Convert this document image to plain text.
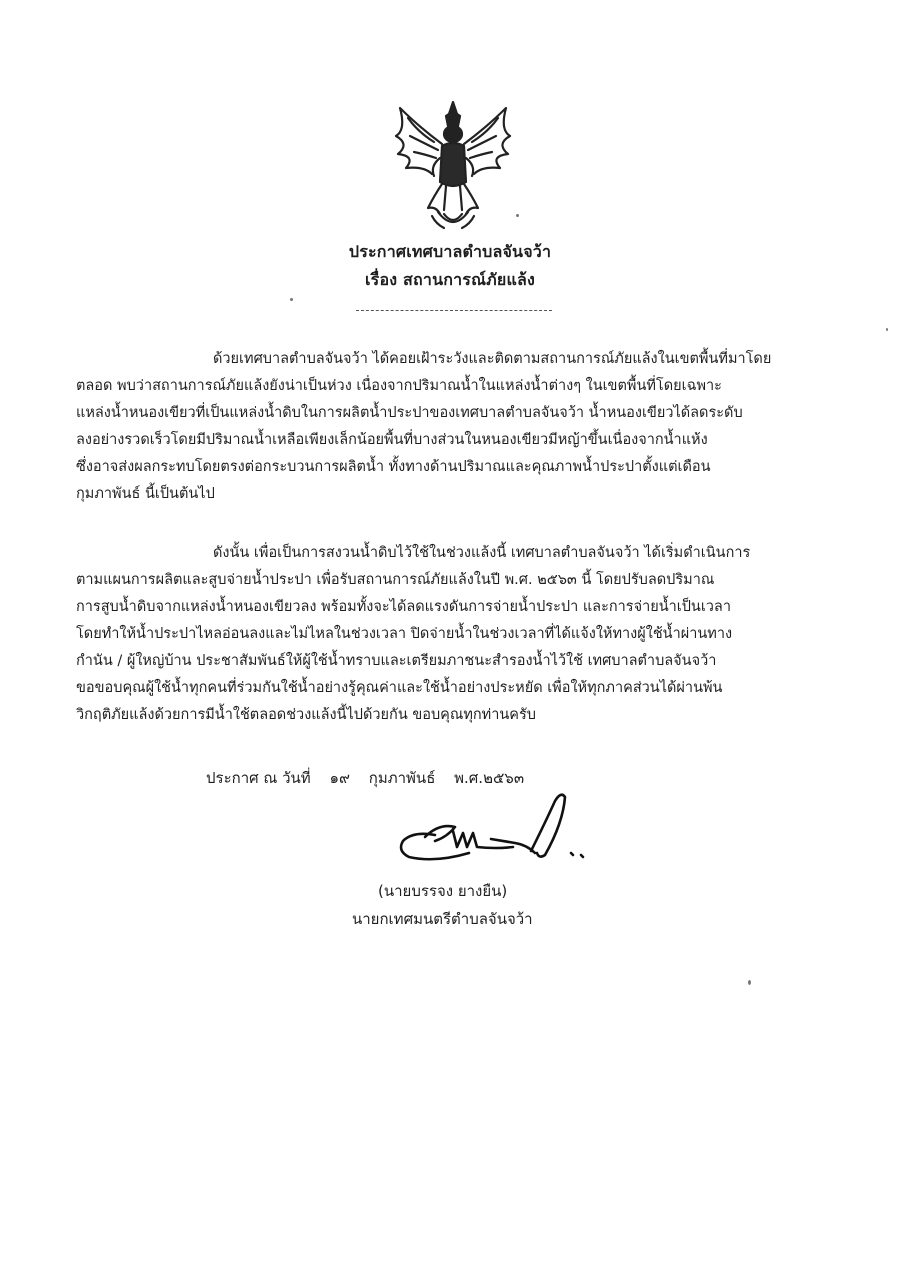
ประกาศเทศบาลตำบลจันจว้า
เรื่อง สถานการณ์ภัยแล้ง
ด้วยเทศบาลตำบลจันจว้า ได้คอยเฝ้าระวังและติดตามสถานการณ์ภัยแล้งในเขตพื้นที่มาโดย
ตลอด พบว่าสถานการณ์ภัยแล้งยังน่าเป็นห่วง เนื่องจากปริมาณน้ำในแหล่งน้ำต่างๆ ในเขตพื้นที่โดยเฉพาะ
แหล่งน้ำหนองเขียวที่เป็นแหล่งน้ำดิบในการผลิตน้ำประปาของเทศบาลตำบลจันจว้า น้ำหนองเขียวได้ลดระดับ
ลงอย่างรวดเร็วโดยมีปริมาณน้ำเหลือเพียงเล็กน้อยพื้นที่บางส่วนในหนองเขียวมีหญ้าขึ้นเนื่องจากน้ำแห้ง
ซึ่งอาจส่งผลกระทบโดยตรงต่อกระบวนการผลิตน้ำ ทั้งทางด้านปริมาณและคุณภาพน้ำประปาตั้งแต่เดือน
กุมภาพันธ์ นี้เป็นต้นไป
ดังนั้น เพื่อเป็นการสงวนน้ำดิบไว้ใช้ในช่วงแล้งนี้ เทศบาลตำบลจันจว้า ได้เริ่มดำเนินการ
ตามแผนการผลิตและสูบจ่ายน้ำประปา เพื่อรับสถานการณ์ภัยแล้งในปี พ.ศ. ๒๕๖๓ นี้ โดยปรับลดปริมาณ
การสูบน้ำดิบจากแหล่งน้ำหนองเขียวลง พร้อมทั้งจะได้ลดแรงดันการจ่ายน้ำประปา และการจ่ายน้ำเป็นเวลา
โดยทำให้น้ำประปาไหลอ่อนลงและไม่ไหลในช่วงเวลา ปิดจ่ายน้ำในช่วงเวลาที่ได้แจ้งให้ทางผู้ใช้น้ำผ่านทาง
กำนัน / ผู้ใหญ่บ้าน ประชาสัมพันธ์ให้ผู้ใช้น้ำทราบและเตรียมภาชนะสำรองน้ำไว้ใช้ เทศบาลตำบลจันจว้า
ขอขอบคุณผู้ใช้น้ำทุกคนที่ร่วมกันใช้น้ำอย่างรู้คุณค่าและใช้น้ำอย่างประหยัด เพื่อให้ทุกภาคส่วนได้ผ่านพ้น
วิกฤติภัยแล้งด้วยการมีน้ำใช้ตลอดช่วงแล้งนี้ไปด้วยกัน ขอบคุณทุกท่านครับ
ประกาศ ณ วันที่ ๑๙ กุมภาพันธ์ พ.ศ.๒๕๖๓
(นายบรรจง ยางยืน)
นายกเทศมนตรีตำบลจันจว้า
